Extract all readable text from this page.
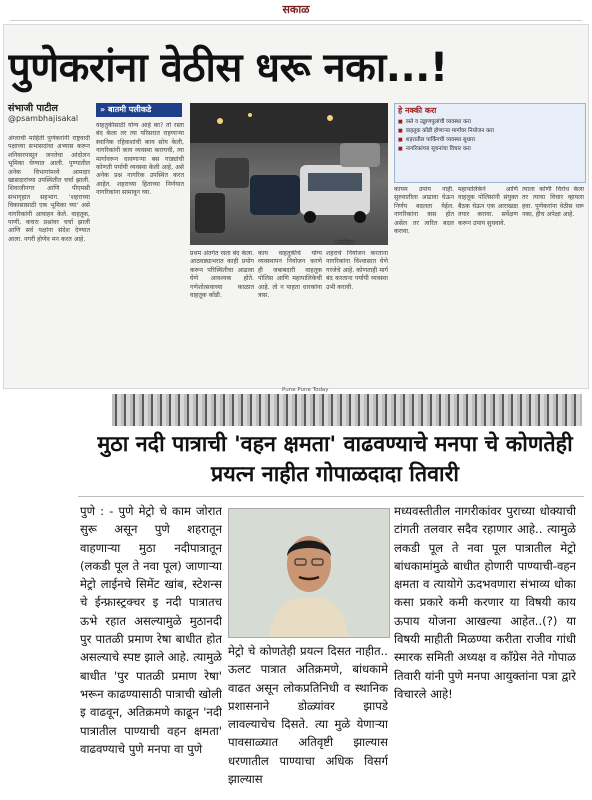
सकाळ
पुणेकरांना वेठीस धरू नका...!
संभाजी पाटील
@psambhajisakal
अंग्लाची माहिती पुणेकरांनी राष्ट्रवादी पक्षाच्या सभासदांचा अभ्यास करून शनिवारपासून जनतेचा आंदोलन भूमिका घेण्यात आली. पुण्यातील अनेक विभागांमध्ये आमदार खासदारांच्या उपस्थितीत चर्चा झाली. शिवाजीनगर आणि पीएमसी सभागृहात सहभाग. 'शहराच्या विकासासाठी एक भूमिका घ्या' असे नागरिकांनी आवाहन केले. वाहतूक, पाणी, कचरा प्रश्नांवर चर्चा झाली आणि सर्व पक्षांना संदेश देण्यात आला. नगरी होणेव मन करत आहे.
» बातमी पलीकडे
वाहतुकीसाठी योग्य आहे का? तो रस्ता बंद केला तर त्या परिसरात राहणाऱ्या स्थानिक रहिवाशांची काय सोय केली, नागरिकांनी काय व्यवस्था करायची, त्या मार्गावरून धावणाऱ्या बस गाड्यांची कोणती पर्यायी व्यवस्था केली आहे, असे अनेक प्रश्न नागरिक उपस्थित करत आहेत. शहराच्या हिताच्या निर्णयात नागरिकांना सामावून घ्या.
(संग्रहित)
प्रथम अंतर्गत रस्ता बंद केला. आठवड्याभरात काही प्रयोग करून परिस्थितीचा आढावा घेणे आवश्यक होते. गणेशोत्सवाच्या काळात वाहतूक कोंडी.
काय वाहतुकीचे योग्य व्यवस्थापन नियोजन करणे ही जबाबदारी वाहतूक पोलिस आणि महापालिकेची आहे. तो न पाहता धारकांना त्रास.
शहराचे नियोजन करताना नागरिकांना विश्वासात घेणे गरजेचे आहे. कोणताही मार्ग बंद करताना पर्यायी व्यवस्था उभी करावी.
हे नक्की करा
■ रस्ते व उड्डाणपुलांची व्यवस्था करा
■ वाहतूक कोंडी होणाऱ्या मार्गांवर नियोजन करा
■ शहरातील पार्किंगची व्यवस्था सुधारा
■ नागरिकांच्या सूचनांचा विचार करा
कायम उपाय नाही. सुरुवातीला आढावा घेऊन निर्णय बदलता येईल. नागरिकांना त्रास होत असेल तर त्वरित बदल करावा.
महापालिकेने आणि वाहतूक पोलिसांनी संयुक्त बैठक घेऊन एक आराखडा तयार करावा. सर्वेक्षण करून उपाय सुचवावे.
त्याला कोणी विरोध केला तर त्याचा विचार व्हायला हवा. पुणेकरांना वेठीस धरू नका, हीच अपेक्षा आहे.
Pune Pune Today
मुठा नदी पात्राची 'वहन क्षमता' वाढवण्याचे मनपा चे कोणतेही प्रयत्न नाहीत गोपाळदादा तिवारी
पुणे : - पुणे मेट्रो चे काम जोरात सुरू असून पुणे शहरातून वाहणाऱ्या मुठा नदीपात्रातून (लकडी पूल ते नवा पूल) जाणाऱ्या मेट्रो लाईनचे सिमेंट खांब, स्टेशन्स चे ईन्फ्रास्ट्रक्चर इ नदी पात्रातच ऊभे रहात असल्यामुळे मुठानदी पुर पातळी प्रमाण रेषा बाधीत होत असल्याचे स्पष्ट झाले आहे. त्यामुळे बाधीत 'पुर पातळी प्रमाण रेषा' भरून काढण्यासाठी पात्राची खोली इ वाढवून, अतिक्रमणे काढून 'नदी पात्रातील पाण्याची वहन क्षमता' वाढवण्याचे पुणे मनपा वा पुणे
मेट्रो चे कोणतेही प्रयत्न दिसत नाहीत.. ऊलट पात्रात अतिक्रमणे, बांधकामे वाढत असून लोकप्रतिनिधी व स्थानिक प्रशासनाने डोळ्यांवर झापडे लावल्याचेच दिसते. त्या मुळे येणाऱ्या पावसाळ्यात अतिवृष्टी झाल्यास धरणातील पाण्याचा अधिक विसर्ग झाल्यास
मध्यवस्तीतील नागरीकांवर पुराच्या धोक्याची टांगती तलवार सदैव रहाणार आहे.. त्यामुळे लकडी पूल ते नवा पूल पात्रातील मेट्रो बांधकामांमुळे बाधीत होणारी पाण्याची-वहन क्षमता व त्यायोगे ऊदभवणारा संभाव्य धोका कसा प्रकारे कमी करणार या विषयी काय ऊपाय योजना आखल्या आहेत..(?) या विषयी माहीती मिळण्या करीता राजीव गांधी स्मारक समिती अध्यक्ष व कॉंग्रेस नेते गोपाळ तिवारी यांनी पुणे मनपा आयुक्तांना पत्रा द्वारे विचारले आहे!
